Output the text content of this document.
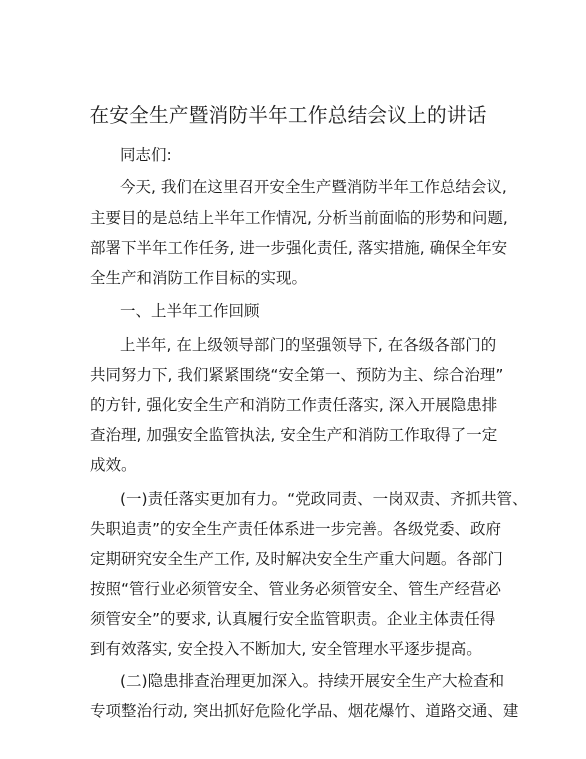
在安全生产暨消防半年工作总结会议上的讲话
同志们:
今天, 我们在这里召开安全生产暨消防半年工作总结会议,
主要目的是总结上半年工作情况, 分析当前面临的形势和问题,
部署下半年工作任务, 进一步强化责任, 落实措施, 确保全年安
全生产和消防工作目标的实现。
一、上半年工作回顾
上半年, 在上级领导部门的坚强领导下, 在各级各部门的
共同努力下, 我们紧紧围绕“安全第一、预防为主、综合治理”
的方针, 强化安全生产和消防工作责任落实, 深入开展隐患排
查治理, 加强安全监管执法, 安全生产和消防工作取得了一定
成效。
(一)责任落实更加有力。“党政同责、一岗双责、齐抓共管、
失职追责”的安全生产责任体系进一步完善。各级党委、政府
定期研究安全生产工作, 及时解决安全生产重大问题。各部门
按照“管行业必须管安全、管业务必须管安全、管生产经营必
须管安全”的要求, 认真履行安全监管职责。企业主体责任得
到有效落实, 安全投入不断加大, 安全管理水平逐步提高。
(二)隐患排查治理更加深入。持续开展安全生产大检查和
专项整治行动, 突出抓好危险化学品、烟花爆竹、道路交通、建
